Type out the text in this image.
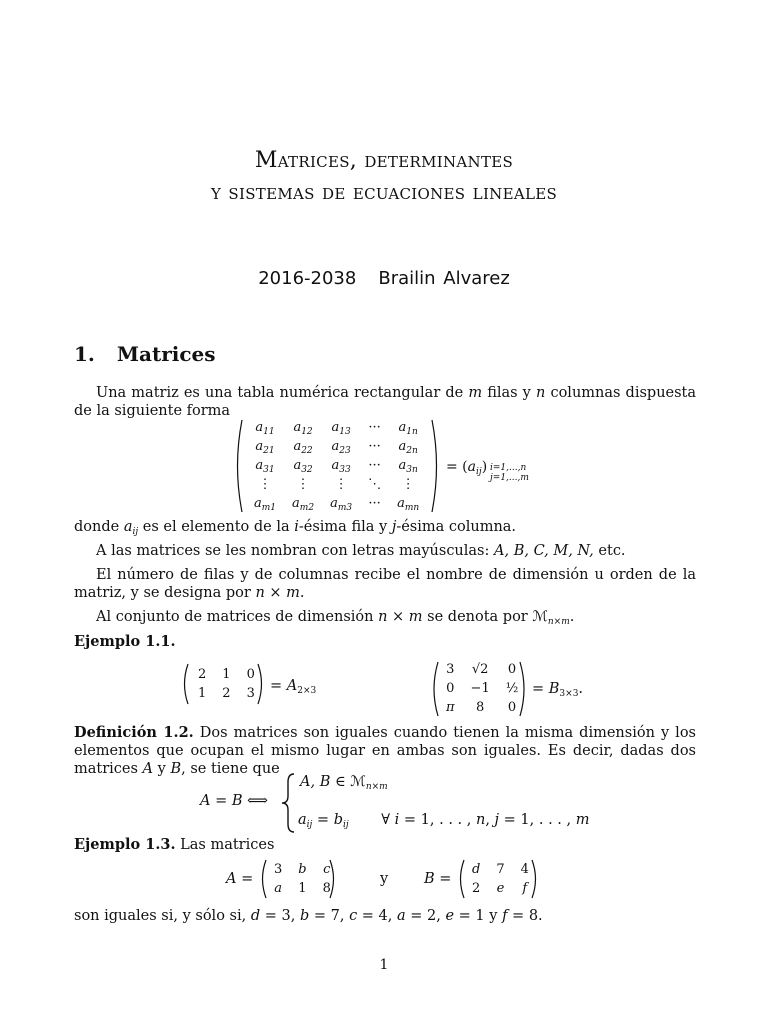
Matrices, determinantes
y sistemas de ecuaciones lineales
2016-2038 Brailin Alvarez
1. Matrices
Una matriz es una tabla numérica rectangular de m filas y n columnas dispuesta de la siguiente forma
$a_{11}$	$a_{12}$	$a_{13}$	···	$a_{1n}$
$a_{21}$	$a_{22}$	$a_{23}$	···	$a_{2n}$
$a_{31}$	$a_{32}$	$a_{33}$	···	$a_{3n}$
⋮	⋮	⋮	⋱	⋮
$a_{m1}$	$a_{m2}$	$a_{m3}$	···	$a_{mn}$
= $(a_{ij})$ i=1,...,n
j=1,...,m
donde $a_{ij}$ es el elemento de la i-ésima fila y j-ésima columna.
A las matrices se les nombran con letras mayúsculas: A, B, C, M, N, etc.
El número de filas y de columnas recibe el nombre de dimensión u orden de la matriz, y se designa por n × m.
Al conjunto de matrices de dimensión n × m se denota por ℳ$_{n\times m}$.
Ejemplo 1.1.
2	1	0
1	2	$3 = A_{2\times 3}$
3	√2	0
0	−1	½
π	8	0
= $B_{3\times 3}$.
Definición 1.2. Dos matrices son iguales cuando tienen la misma dimensión y los elementos que ocupan el mismo lugar en ambas son iguales. Es decir, dadas dos matrices A y B, se tiene que
A = B ⟺
A, B ∈ ℳ$_{n\times m}$
$a_{ij} = b_{ij}$ ∀ i = 1, . . . , n, j = 1, . . . , m
Ejemplo 1.3. Las matrices
A =
3	b	c
a	1	8
y B =
d	7	4
2	e	f
son iguales si, y sólo si, d = 3, b = 7, c = 4, a = 2, e = 1 y f = 8.
1
